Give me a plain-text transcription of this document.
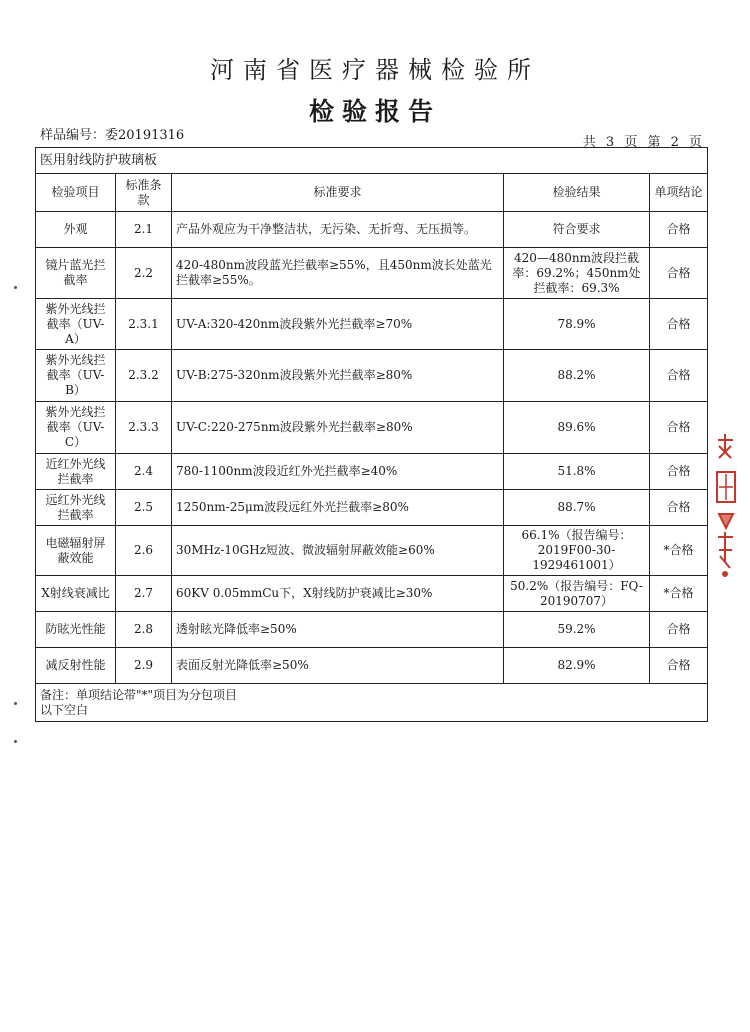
河南省医疗器械检验所
检验报告
样品编号：委20191316	共 3 页 第 2 页
医用射线防护玻璃板				
检验项目	标准条款	标准要求	检验结果	单项结论
外观	2.1	产品外观应为干净整洁状，无污染、无折弯、无压损等。	符合要求	合格
镜片蓝光拦截率	2.2	420-480nm波段蓝光拦截率≥55%，且450nm波长处蓝光拦截率≥55%。	420—480nm波段拦截率：69.2%；450nm处拦截率：69.3%	合格
紫外光线拦截率（UV-A）	2.3.1	UV-A:320-420nm波段紫外光拦截率≥70%	78.9%	合格
紫外光线拦截率（UV-B）	2.3.2	UV-B:275-320nm波段紫外光拦截率≥80%	88.2%	合格
紫外光线拦截率（UV-C）	2.3.3	UV-C:220-275nm波段紫外光拦截率≥80%	89.6%	合格
近红外光线拦截率	2.4	780-1100nm波段近红外光拦截率≥40%	51.8%	合格
远红外光线拦截率	2.5	1250nm-25μm波段远红外光拦截率≥80%	88.7%	合格
电磁辐射屏蔽效能	2.6	30MHz-10GHz短波、微波辐射屏蔽效能≥60%	66.1%（报告编号：2019F00-30-1929461001）	*合格
X射线衰减比	2.7	60KV 0.05mmCu下，X射线防护衰减比≥30%	50.2%（报告编号：FQ-20190707）	*合格
防眩光性能	2.8	透射眩光降低率≥50%	59.2%	合格
减反射性能	2.9	表面反射光降低率≥50%	82.9%	合格

备注：单项结论带"*"项目为分包项目
以下空白				
